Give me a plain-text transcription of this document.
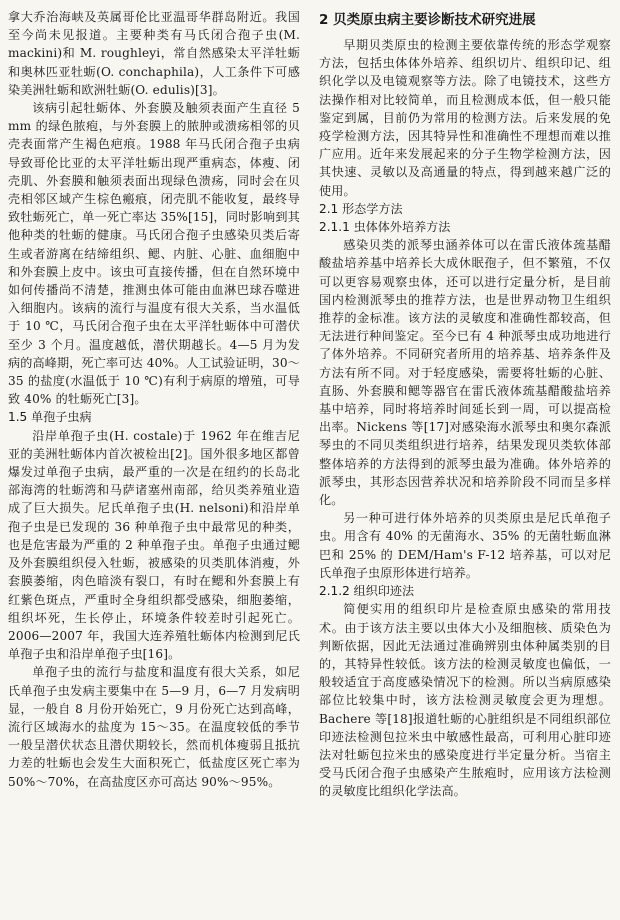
拿大乔治海峡及英属哥伦比亚温哥华群岛附近。我国至今尚未见报道。主要种类有马氏闭合孢子虫(M. mackini)和 M. roughleyi，常自然感染太平洋牡蛎和奥林匹亚牡蛎(O. conchaphila)，人工条件下可感染美洲牡蛎和欧洲牡蛎(O. edulis)[3]。

该病引起牡蛎体、外套膜及触须表面产生直径 5 mm 的绿色脓疱，与外套膜上的脓肿或溃疡相邻的贝壳表面常产生褐色疤痕。1988 年马氏闭合孢子虫病导致哥伦比亚的太平洋牡蛎出现严重病态，体瘦、闭壳肌、外套膜和触须表面出现绿色溃疡，同时会在贝壳相邻区域产生棕色瘢痕，闭壳肌不能收复，最终导致牡蛎死亡，单一死亡率达 35%[15]，同时影响到其他种类的牡蛎的健康。马氏闭合孢子虫感染贝类后寄生或者游离在结缔组织、鳃、内脏、心脏、血细胞中和外套膜上皮中。该虫可直接传播，但在自然环境中如何传播尚不清楚，推测虫体可能由血淋巴球吞噬进入细胞内。该病的流行与温度有很大关系，当水温低于 10 ℃，马氏闭合孢子虫在太平洋牡蛎体中可潜伏至少 3 个月。温度越低，潜伏期越长。4—5 月为发病的高峰期，死亡率可达 40%。人工试验证明，30～35 的盐度(水温低于 10 ℃)有利于病原的增殖，可导致 40% 的牡蛎死亡[3]。

1.5 单孢子虫病

沿岸单孢子虫(H. costale)于 1962 年在维吉尼亚的美洲牡蛎体内首次被检出[2]。国外很多地区都曾爆发过单孢子虫病，最严重的一次是在纽约的长岛北部海湾的牡蛎湾和马萨诸塞州南部，给贝类养殖业造成了巨大损失。尼氏单孢子虫(H. nelsoni)和沿岸单孢子虫是已发现的 36 种单孢子虫中最常见的种类，也是危害最为严重的 2 种单孢子虫。单孢子虫通过鳃及外套膜组织侵入牡蛎，被感染的贝类肌体消瘦，外套膜萎缩，肉色暗淡有裂口，有时在鳃和外套膜上有红紫色斑点，严重时全身组织都受感染，细胞萎缩，组织坏死，生长停止，环境条件较差时引起死亡。2006—2007 年，我国大连养殖牡蛎体内检测到尼氏单孢子虫和沿岸单孢子虫[16]。

单孢子虫的流行与盐度和温度有很大关系，如尼氏单孢子虫发病主要集中在 5—9 月，6—7 月发病明显，一般自 8 月份开始死亡，9 月份死亡达到高峰，流行区域海水的盐度为 15～35。在温度较低的季节一般呈潜伏状态且潜伏期较长，然而机体瘦弱且抵抗力差的牡蛎也会发生大面积死亡，低盐度区死亡率为 50%～70%，在高盐度区亦可高达 90%～95%。

2 贝类原虫病主要诊断技术研究进展

早期贝类原虫的检测主要依靠传统的形态学观察方法，包括虫体体外培养、组织切片、组织印记、组织化学以及电镜观察等方法。除了电镜技术，这些方法操作相对比较简单，而且检测成本低，但一般只能鉴定到属，目前仍为常用的检测方法。后来发展的免疫学检测方法，因其特异性和准确性不理想而难以推广应用。近年来发展起来的分子生物学检测方法，因其快速、灵敏以及高通量的特点，得到越来越广泛的使用。

2.1 形态学方法

2.1.1 虫体体外培养方法

感染贝类的派琴虫涵养体可以在雷氏液体巯基醋酸盐培养基中培养长大成休眠孢子，但不繁殖，不仅可以更容易观察虫体，还可以进行定量分析，是目前国内检测派琴虫的推荐方法，也是世界动物卫生组织推荐的金标准。该方法的灵敏度和准确性都较高，但无法进行种间鉴定。至今已有 4 种派琴虫成功地进行了体外培养。不同研究者所用的培养基、培养条件及方法有所不同。对于轻度感染，需要将牡蛎的心脏、直肠、外套膜和鳃等器官在雷氏液体巯基醋酸盐培养基中培养，同时将培养时间延长到一周，可以提高检出率。Nickens 等[17]对感染海水派琴虫和奥尔森派琴虫的不同贝类组织进行培养，结果发现贝类软体部整体培养的方法得到的派琴虫最为准确。体外培养的派琴虫，其形态因营养状况和培养阶段不同而呈多样化。

另一种可进行体外培养的贝类原虫是尼氏单孢子虫。用含有 40% 的无菌海水、35% 的无菌牡蛎血淋巴和 25% 的 DEM/Ham's F-12 培养基，可以对尼氏单孢子虫原形体进行培养。

2.1.2 组织印迹法

简便实用的组织印片是检查原虫感染的常用技术。由于该方法主要以虫体大小及细胞核、质染色为判断依据，因此无法通过准确辨别虫体种属类别的目的，其特异性较低。该方法的检测灵敏度也偏低，一般较适宜于高度感染情况下的检测。所以当病原感染部位比较集中时，该方法检测灵敏度会更为理想。Bachere 等[18]报道牡蛎的心脏组织是不同组织部位印迹法检测包拉米虫中敏感性最高，可利用心脏印迹法对牡蛎包拉米虫的感染度进行半定量分析。当宿主受马氏闭合孢子虫感染产生脓疱时，应用该方法检测的灵敏度比组织化学法高。
